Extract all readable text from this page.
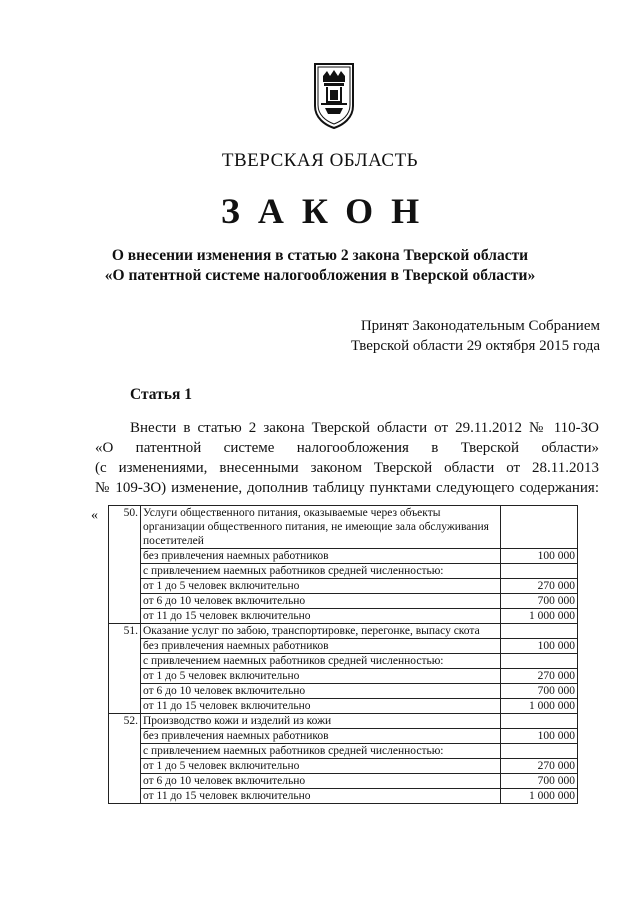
ТВЕРСКАЯ ОБЛАСТЬ
ЗАКОН
О внесении изменения в статью 2 закона Тверской области
«О патентной системе налогообложения в Тверской области»
Принят Законодательным Собранием
Тверской области 29 октября 2015 года
Статья 1
Внести в статью 2 закона Тверской области от 29.11.2012 № 110-ЗО
«О патентной системе налогообложения в Тверской области»
(с изменениями, внесенными законом Тверской области от 28.11.2013
№ 109-ЗО) изменение, дополнив таблицу пунктами следующего содержания:
« 50.	Услуги общественного питания, оказываемые через объекты организации общественного питания, не имеющие зала обслуживания посетителей	
	без привлечения наемных работников	100 000
	с привлечением наемных работников средней численностью:	
	от 1 до 5 человек включительно	270 000
	от 6 до 10 человек включительно	700 000
	от 11 до 15 человек включительно	1 000 000
51.	Оказание услуг по забою, транспортировке, перегонке, выпасу скота	
	без привлечения наемных работников	100 000
	с привлечением наемных работников средней численностью:	
	от 1 до 5 человек включительно	270 000
	от 6 до 10 человек включительно	700 000
	от 11 до 15 человек включительно	1 000 000
52.	Производство кожи и изделий из кожи	
	без привлечения наемных работников	100 000
	с привлечением наемных работников средней численностью:	
	от 1 до 5 человек включительно	270 000
	от 6 до 10 человек включительно	700 000
	от 11 до 15 человек включительно	1 000 000
